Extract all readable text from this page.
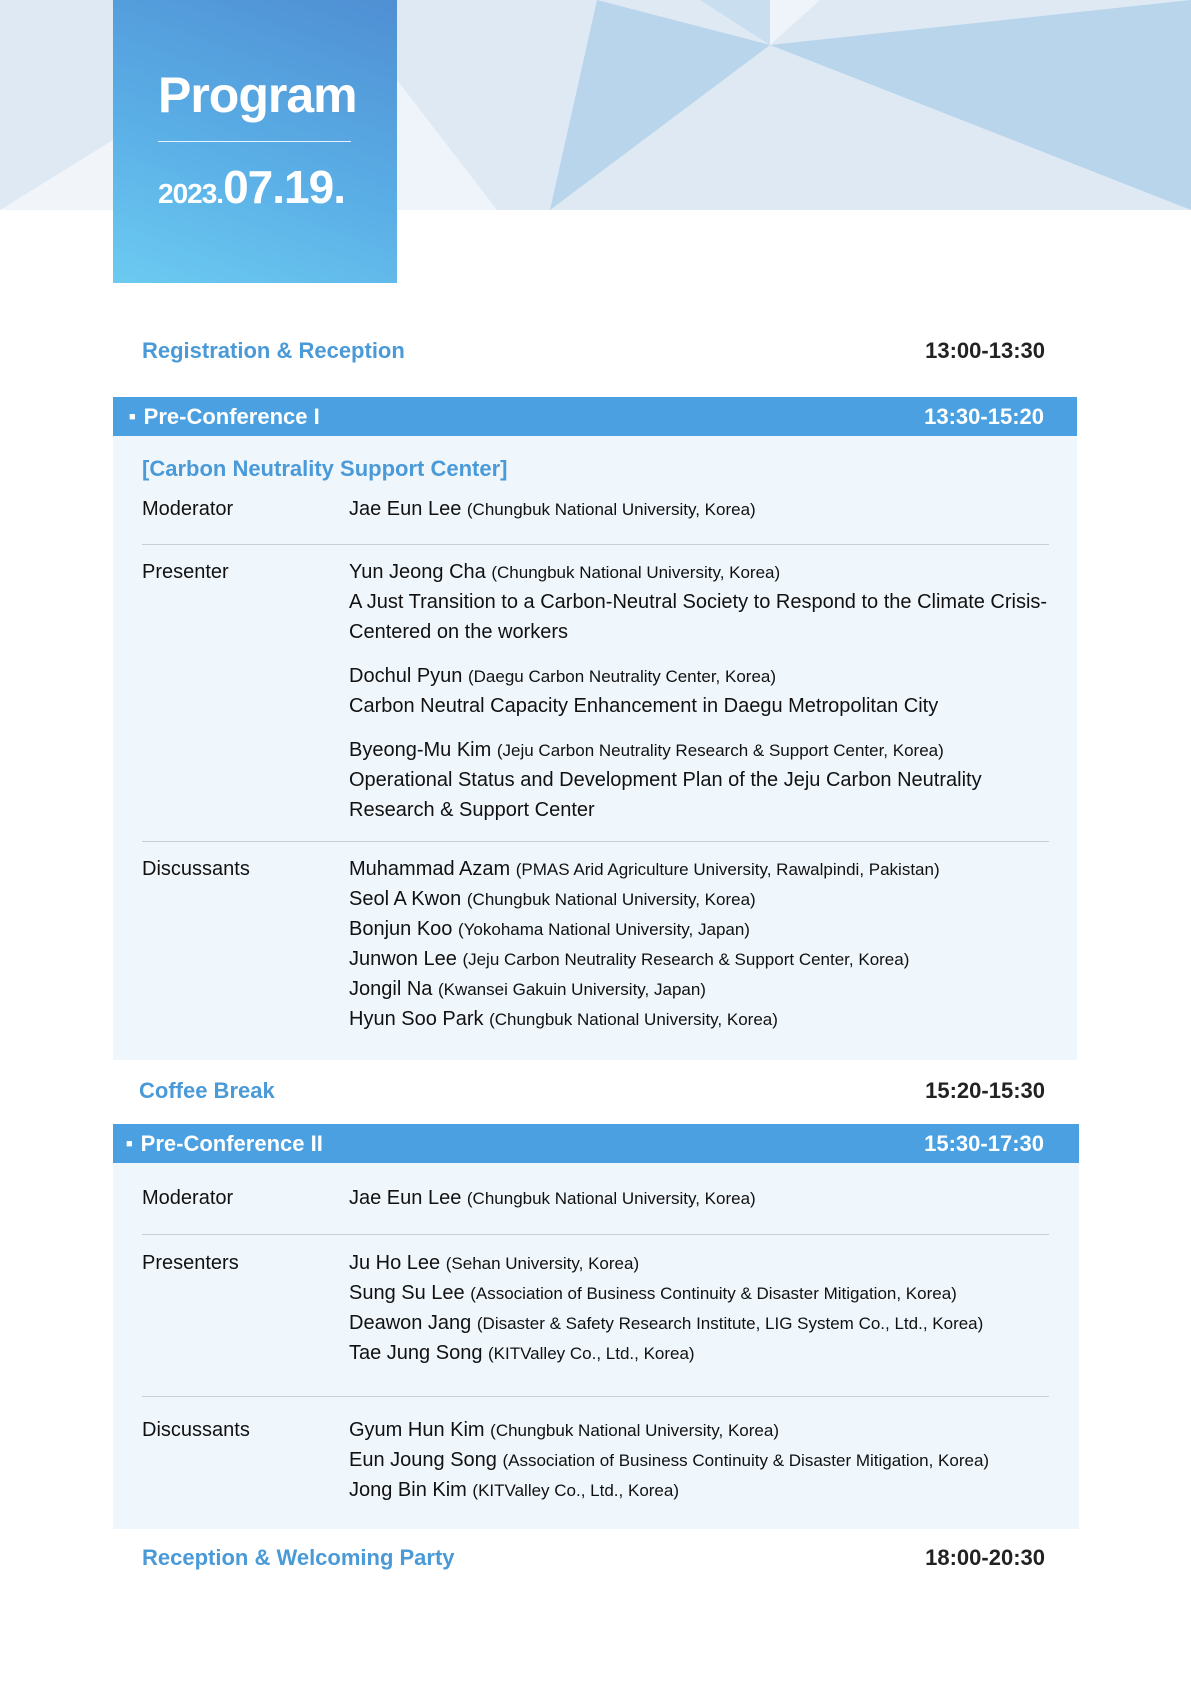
Program
2023.07.19.
Registration & Reception	13:00-13:30
■ Pre-Conference I	13:30-15:20
[Carbon Neutrality Support Center]
Moderator	Jae Eun Lee (Chungbuk National University, Korea)
Presenter	Yun Jeong Cha (Chungbuk National University, Korea)
A Just Transition to a Carbon-Neutral Society to Respond to the Climate Crisis-Centered on the workers
Dochul Pyun (Daegu Carbon Neutrality Center, Korea)
Carbon Neutral Capacity Enhancement in Daegu Metropolitan City
Byeong-Mu Kim (Jeju Carbon Neutrality Research & Support Center, Korea)
Operational Status and Development Plan of the Jeju Carbon Neutrality Research & Support Center
Discussants	Muhammad Azam (PMAS Arid Agriculture University, Rawalpindi, Pakistan)
Seol A Kwon (Chungbuk National University, Korea)
Bonjun Koo (Yokohama National University, Japan)
Junwon Lee (Jeju Carbon Neutrality Research & Support Center, Korea)
Jongil Na (Kwansei Gakuin University, Japan)
Hyun Soo Park (Chungbuk National University, Korea)
Coffee Break	15:20-15:30
■ Pre-Conference II	15:30-17:30
Moderator	Jae Eun Lee (Chungbuk National University, Korea)
Presenters	Ju Ho Lee (Sehan University, Korea)
Sung Su Lee (Association of Business Continuity & Disaster Mitigation, Korea)
Deawon Jang (Disaster & Safety Research Institute, LIG System Co., Ltd., Korea)
Tae Jung Song (KITValley Co., Ltd., Korea)
Discussants	Gyum Hun Kim (Chungbuk National University, Korea)
Eun Joung Song (Association of Business Continuity & Disaster Mitigation, Korea)
Jong Bin Kim (KITValley Co., Ltd., Korea)
Reception & Welcoming Party	18:00-20:30
